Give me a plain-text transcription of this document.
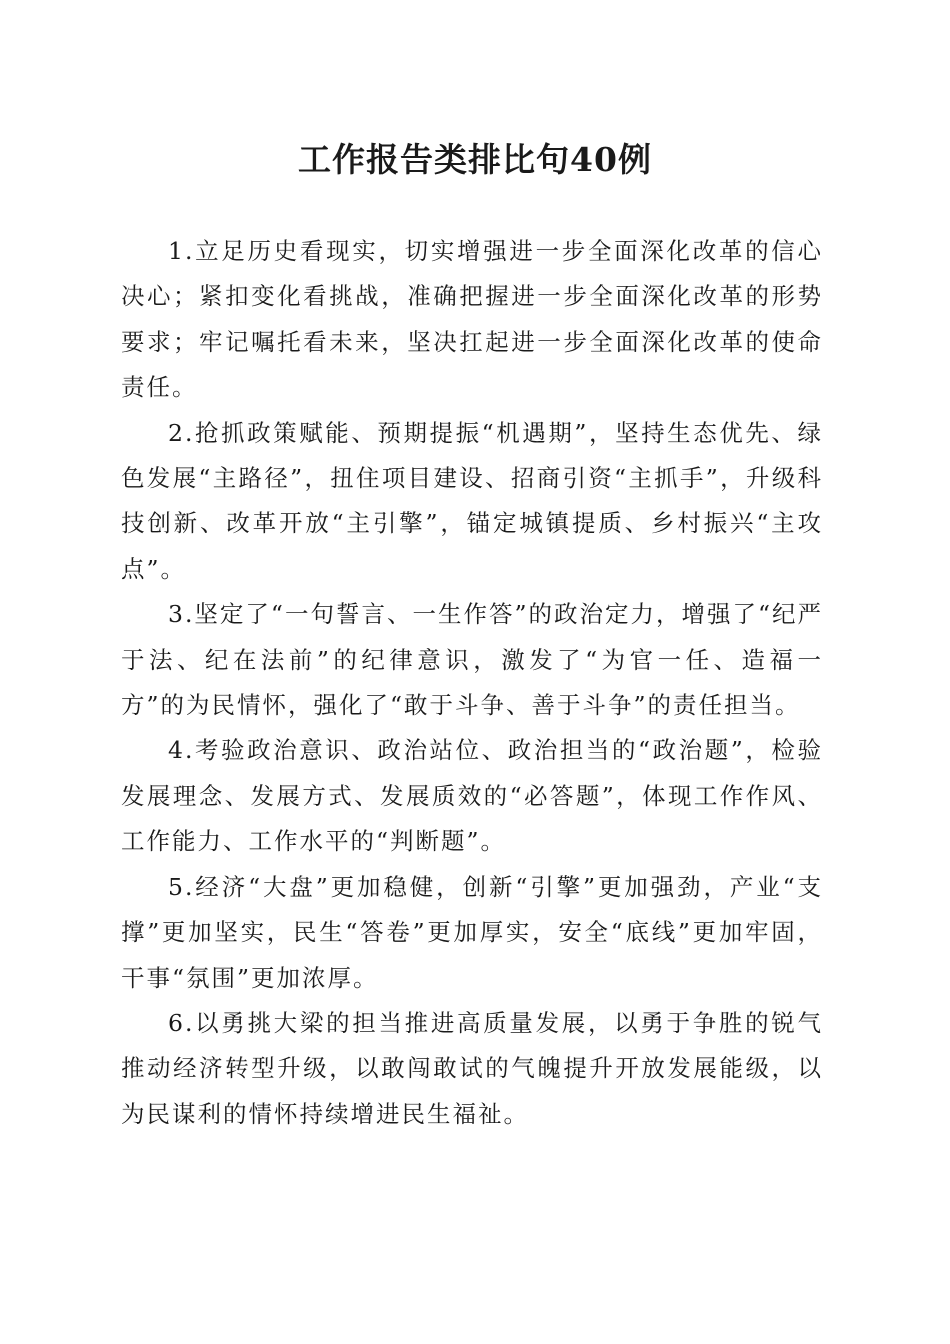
工作报告类排比句40例

1.立足历史看现实，切实增强进一步全面深化改革的信心决心；紧扣变化看挑战，准确把握进一步全面深化改革的形势要求；牢记嘱托看未来，坚决扛起进一步全面深化改革的使命责任。

2.抢抓政策赋能、预期提振“机遇期”，坚持生态优先、绿色发展“主路径”，扭住项目建设、招商引资“主抓手”，升级科技创新、改革开放“主引擎”，锚定城镇提质、乡村振兴“主攻点”。

3.坚定了“一句誓言、一生作答”的政治定力，增强了“纪严于法、纪在法前”的纪律意识，激发了“为官一任、造福一方”的为民情怀，强化了“敢于斗争、善于斗争”的责任担当。

4.考验政治意识、政治站位、政治担当的“政治题”，检验发展理念、发展方式、发展质效的“必答题”，体现工作作风、工作能力、工作水平的“判断题”。

5.经济“大盘”更加稳健，创新“引擎”更加强劲，产业“支撑”更加坚实，民生“答卷”更加厚实，安全“底线”更加牢固，干事“氛围”更加浓厚。

6.以勇挑大梁的担当推进高质量发展，以勇于争胜的锐气推动经济转型升级，以敢闯敢试的气魄提升开放发展能级，以为民谋利的情怀持续增进民生福祉。
